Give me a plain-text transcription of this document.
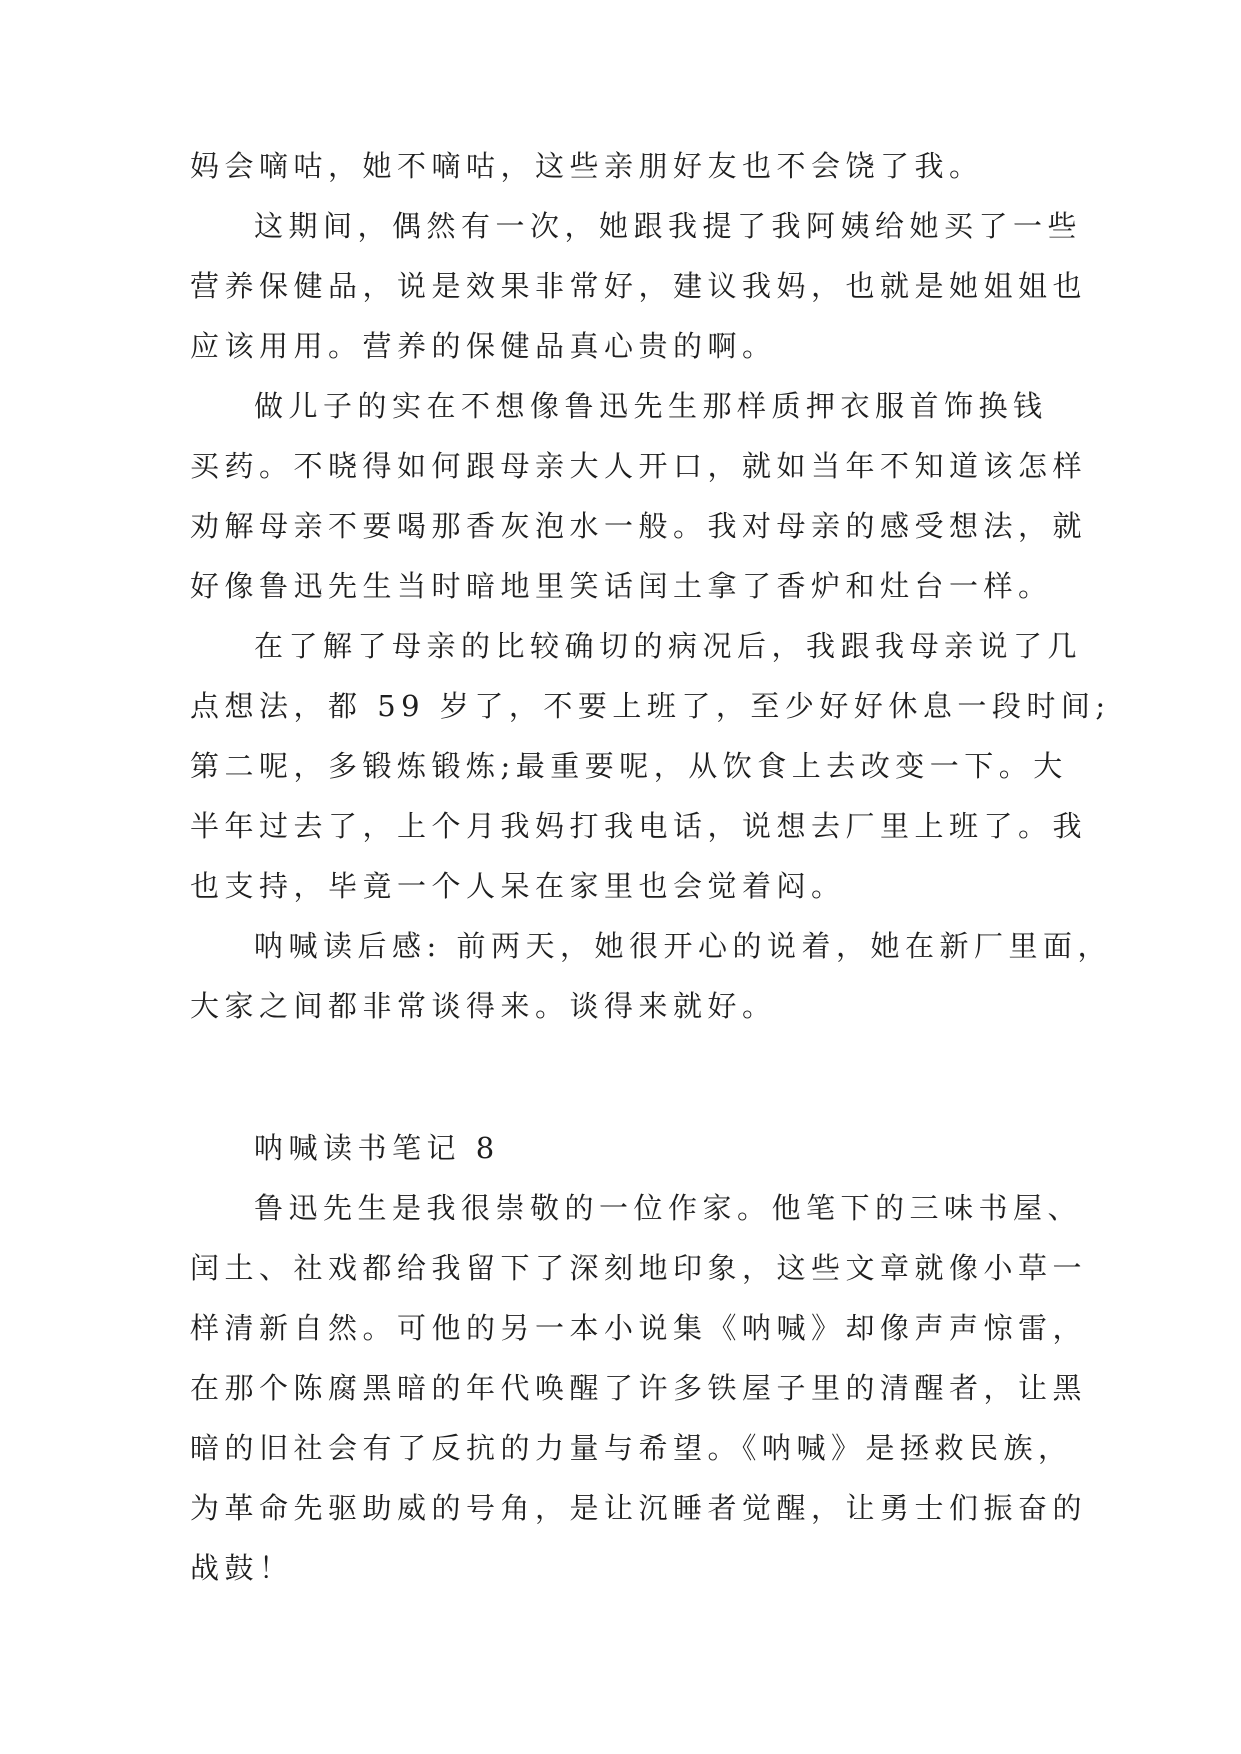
妈会嘀咕，她不嘀咕，这些亲朋好友也不会饶了我。
这期间，偶然有一次，她跟我提了我阿姨给她买了一些
营养保健品，说是效果非常好，建议我妈，也就是她姐姐也
应该用用。营养的保健品真心贵的啊。
做儿子的实在不想像鲁迅先生那样质押衣服首饰换钱
买药。不晓得如何跟母亲大人开口，就如当年不知道该怎样
劝解母亲不要喝那香灰泡水一般。我对母亲的感受想法，就
好像鲁迅先生当时暗地里笑话闰土拿了香炉和灶台一样。
在了解了母亲的比较确切的病况后，我跟我母亲说了几
点想法，都 59 岁了，不要上班了，至少好好休息一段时间;
第二呢，多锻炼锻炼;最重要呢，从饮食上去改变一下。大
半年过去了，上个月我妈打我电话，说想去厂里上班了。我
也支持，毕竟一个人呆在家里也会觉着闷。
呐喊读后感: 前两天，她很开心的说着，她在新厂里面，
大家之间都非常谈得来。谈得来就好。
呐喊读书笔记 8
鲁迅先生是我很崇敬的一位作家。他笔下的三味书屋、
闰土、社戏都给我留下了深刻地印象，这些文章就像小草一
样清新自然。可他的另一本小说集《呐喊》却像声声惊雷，
在那个陈腐黑暗的年代唤醒了许多铁屋子里的清醒者，让黑
暗的旧社会有了反抗的力量与希望。《呐喊》是拯救民族，
为革命先驱助威的号角，是让沉睡者觉醒，让勇士们振奋的
战鼓！
